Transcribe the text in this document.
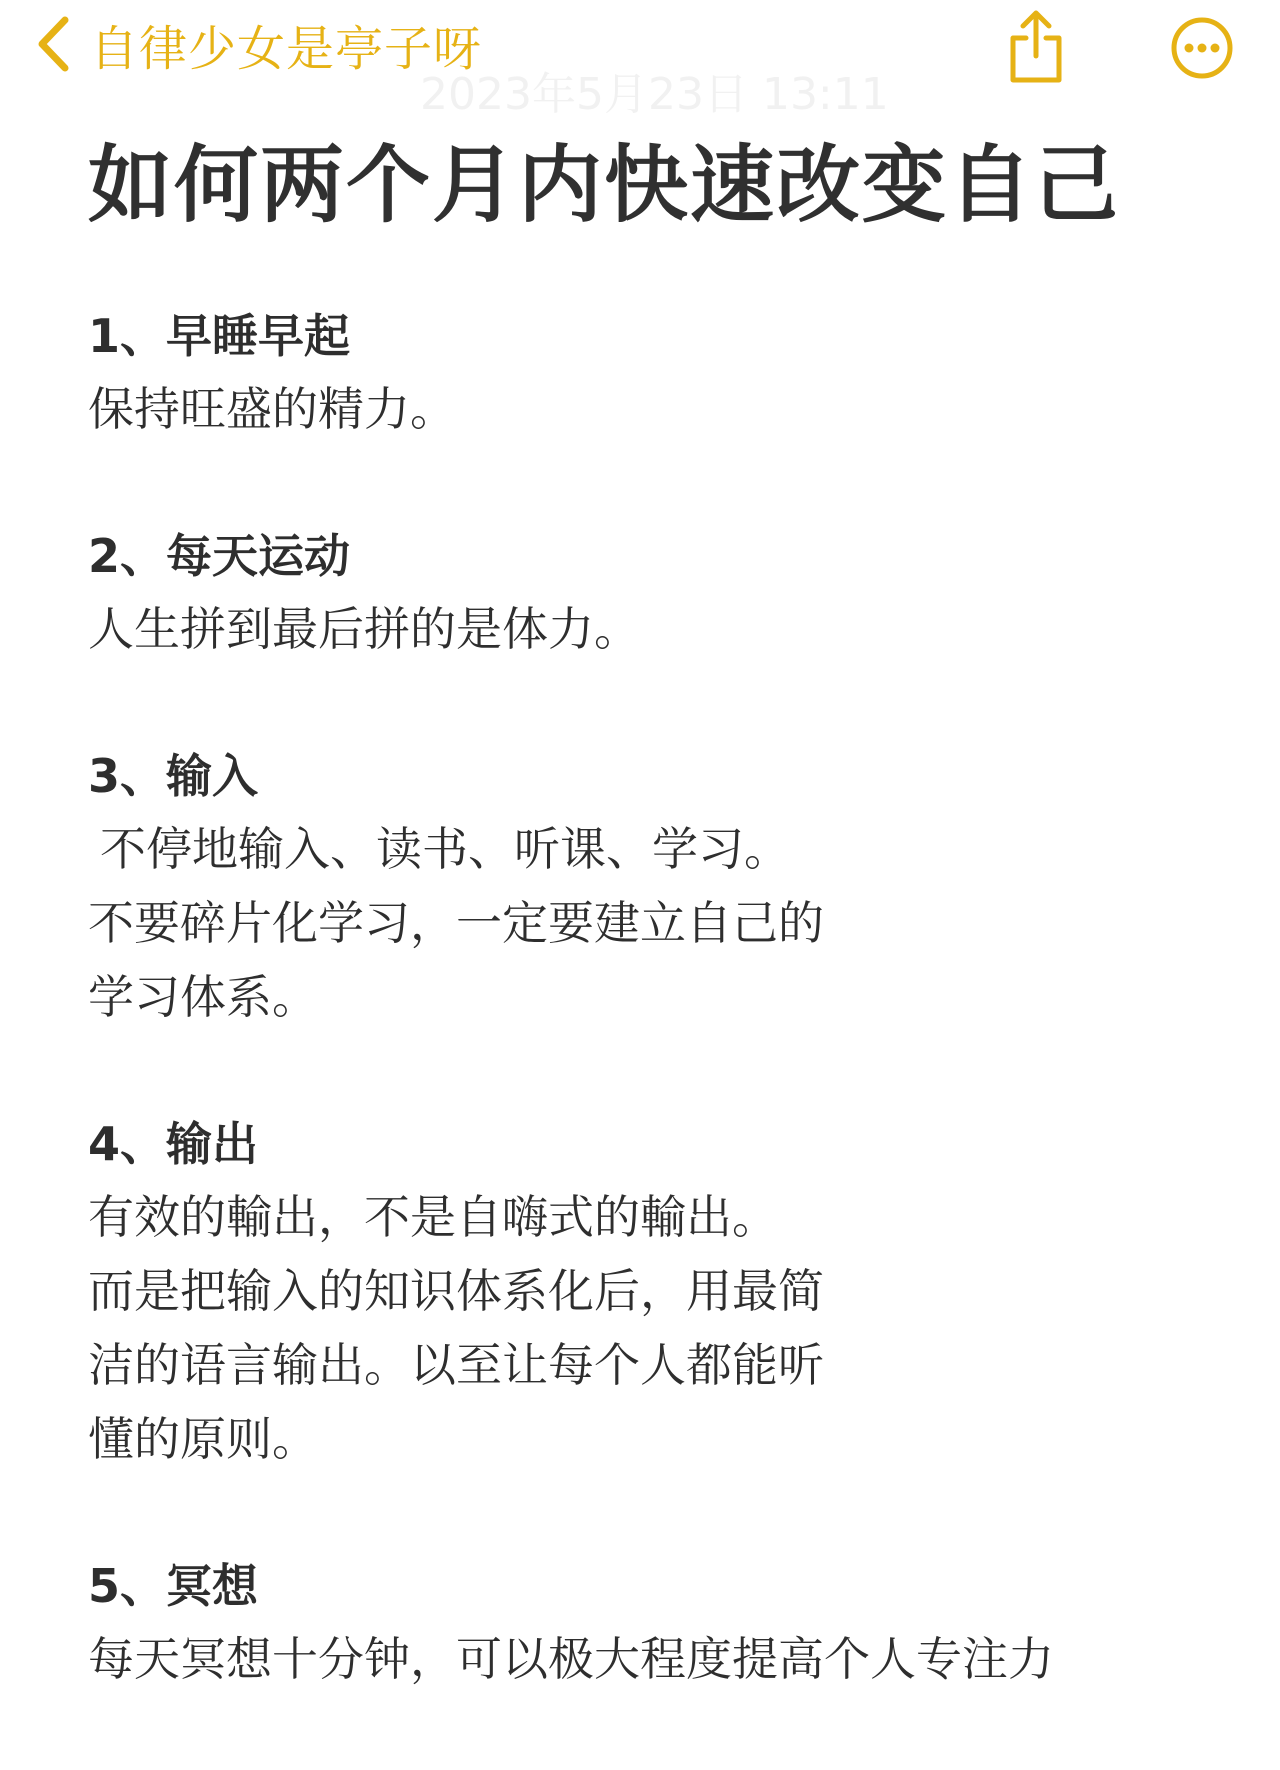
自律少女是亭子呀
2023年5月23日 13:11
如何两个月内快速改变自己
1、早睡早起
保持旺盛的精力。
2、每天运动
人生拼到最后拼的是体力。
3、输入
不停地输入、读书、听课、学习。
不要碎片化学习，一定要建立自己的
学习体系。
4、输出
有效的輸出，不是自嗨式的輸出。
而是把输入的知识体系化后，用最简
洁的语言输出。以至让每个人都能听
懂的原则。
5、冥想
每天冥想十分钟，可以极大程度提高个人专注力
